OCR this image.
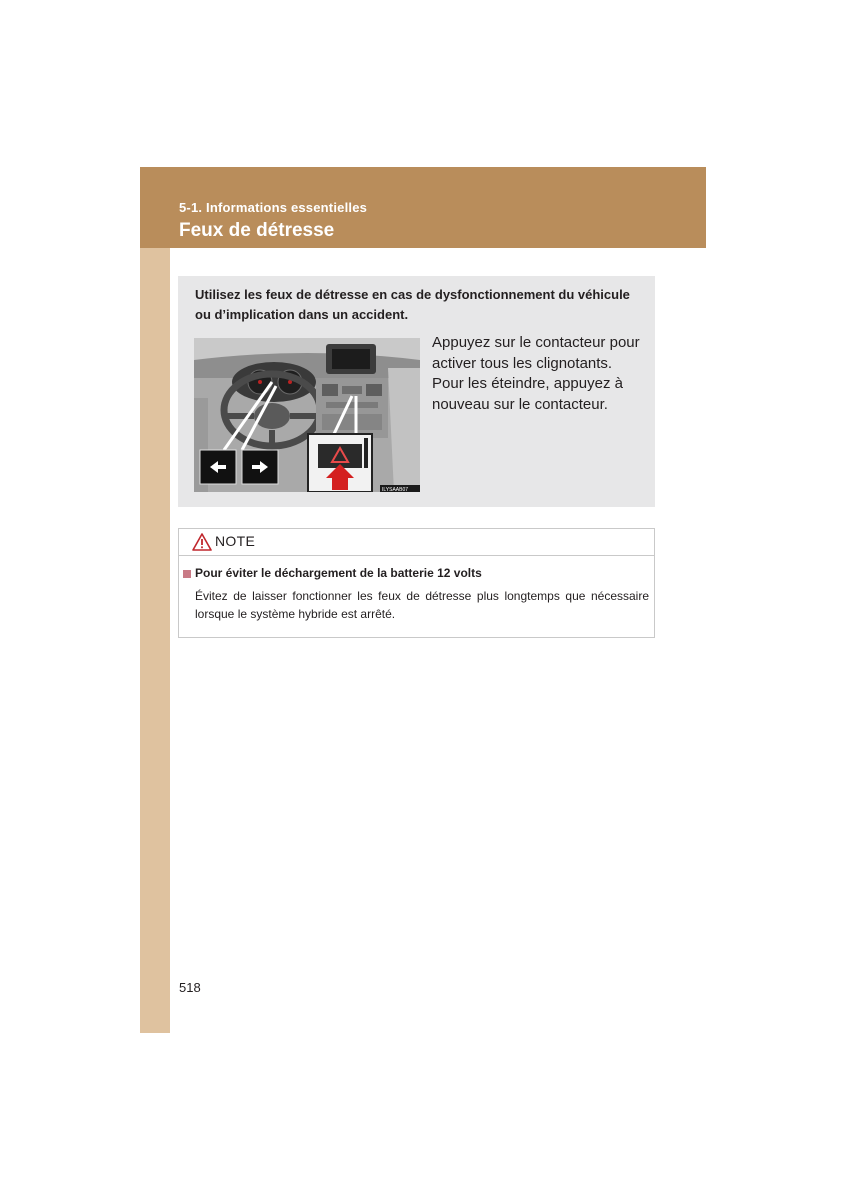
5-1. Informations essentielles
Feux de détresse
Utilisez les feux de détresse en cas de dysfonctionnement du véhicule ou d’implication dans un accident.
ILYSAAB07
Appuyez sur le contacteur pour activer tous les clignotants. Pour les éteindre, appuyez à nouveau sur le contacteur.
NOTE
Pour éviter le déchargement de la batterie 12 volts
Évitez de laisser fonctionner les feux de détresse plus longtemps que nécessaire lorsque le système hybride est arrêté.
518
